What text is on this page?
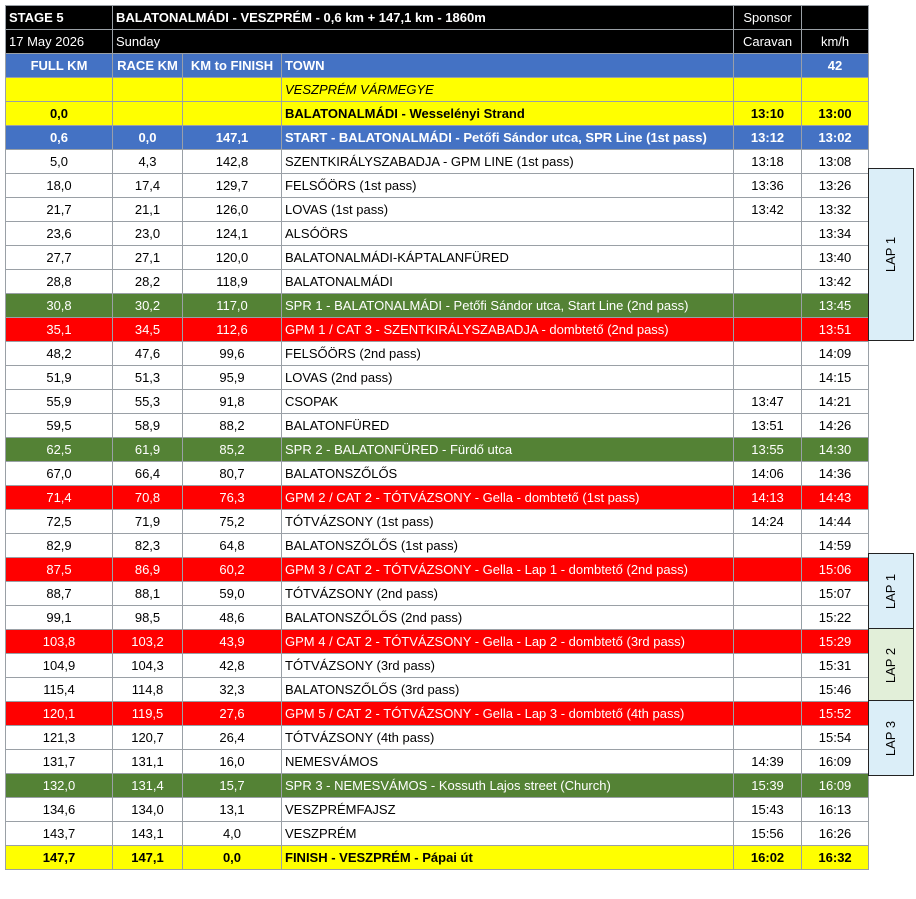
STAGE 5	BALATONALMÁDI - VESZPRÉM - 0,6 km + 147,1 km - 1860m			Sponsor	
17 May 2026	Sunday			Caravan	km/h
FULL KM	RACE KM	KM to FINISH	TOWN		42
			VESZPRÉM VÁRMEGYE		
0,0			BALATONALMÁDI - Wesselényi Strand	13:10	13:00
0,6	0,0	147,1	START - BALATONALMÁDI - Petőfi Sándor utca, SPR Line (1st pass)	13:12	13:02
5,0	4,3	142,8	SZENTKIRÁLYSZABADJA - GPM LINE (1st pass)	13:18	13:08
18,0	17,4	129,7	FELSŐÖRS (1st pass)	13:36	13:26
21,7	21,1	126,0	LOVAS (1st pass)	13:42	13:32
23,6	23,0	124,1	ALSÓÖRS		13:34
27,7	27,1	120,0	BALATONALMÁDI-KÁPTALANFÜRED		13:40
28,8	28,2	118,9	BALATONALMÁDI		13:42
30,8	30,2	117,0	SPR 1 - BALATONALMÁDI - Petőfi Sándor utca, Start Line (2nd pass)		13:45
35,1	34,5	112,6	GPM 1 / CAT 3 - SZENTKIRÁLYSZABADJA - dombtető (2nd pass)		13:51
48,2	47,6	99,6	FELSŐÖRS (2nd pass)		14:09
51,9	51,3	95,9	LOVAS (2nd pass)		14:15
55,9	55,3	91,8	CSOPAK	13:47	14:21
59,5	58,9	88,2	BALATONFÜRED	13:51	14:26
62,5	61,9	85,2	SPR 2 - BALATONFÜRED - Fürdő utca	13:55	14:30
67,0	66,4	80,7	BALATONSZŐLŐS	14:06	14:36
71,4	70,8	76,3	GPM 2 / CAT 2 - TÓTVÁZSONY - Gella - dombtető (1st pass)	14:13	14:43
72,5	71,9	75,2	TÓTVÁZSONY (1st pass)	14:24	14:44
82,9	82,3	64,8	BALATONSZŐLŐS (1st pass)		14:59
87,5	86,9	60,2	GPM 3 / CAT 2 - TÓTVÁZSONY - Gella - Lap 1 - dombtető (2nd pass)		15:06
88,7	88,1	59,0	TÓTVÁZSONY (2nd pass)		15:07
99,1	98,5	48,6	BALATONSZŐLŐS (2nd pass)		15:22
103,8	103,2	43,9	GPM 4 / CAT 2 - TÓTVÁZSONY - Gella - Lap 2 - dombtető (3rd pass)		15:29
104,9	104,3	42,8	TÓTVÁZSONY (3rd pass)		15:31
115,4	114,8	32,3	BALATONSZŐLŐS (3rd pass)		15:46
120,1	119,5	27,6	GPM 5 / CAT 2 - TÓTVÁZSONY - Gella - Lap 3 - dombtető (4th pass)		15:52
121,3	120,7	26,4	TÓTVÁZSONY (4th pass)		15:54
131,7	131,1	16,0	NEMESVÁMOS	14:39	16:09
132,0	131,4	15,7	SPR 3 - NEMESVÁMOS - Kossuth Lajos street (Church)	15:39	16:09
134,6	134,0	13,1	VESZPRÉMFAJSZ	15:43	16:13
143,7	143,1	4,0	VESZPRÉM	15:56	16:26
147,7	147,1	0,0	FINISH - VESZPRÉM - Pápai út	16:02	16:32
LAP 1
LAP 1
LAP 2
LAP 3
